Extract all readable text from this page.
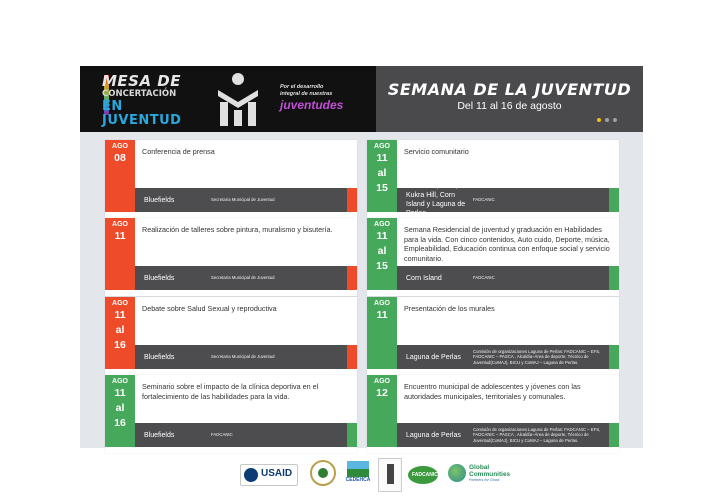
MESA DE
CONCERTACIÓN
EN JUVENTUD
Por el desarrollo
integral de nuestras
juventudes
SEMANA DE LA JUVENTUD
Del 11 al 16 de agosto
AGO
08
Conferencia de prensa
Bluefields	Secretaria Municipal de Juventud
AGO
11
al
15
Servicio comunitario
Bluefields, DRG, Kukra Hill, Corn Island y Laguna de Perlas
FADCANIC
AGO
11
Realización de talleres sobre pintura, muralismo y bisutería.
Bluefields	Secretaria Municipal de Juventud
AGO
11
al
15
Semana Residencial de juventud y graduación en Habilidades para la vida. Con cinco contenidos, Auto cuido, Deporte, música, Empleabilidad, Educación continua con enfoque social y servicio comunitario.
Corn Island	FADCANIC
AGO
11
al
16
Debate sobre Salud Sexual y reproductiva
Bluefields	Secretaria Municipal de Juventud
AGO
11
Presentación de los murales
Laguna de Perlas
Comisión de organizaciones Laguna de Perlas: FADCANIC – EFS, FADCANIC – PASCA , Alcaldía–Área de deporte, Técnico de Juventud(CoMAJ), BICU y CoMAJ – Laguna de Perlas.
AGO
11
al
16
Seminario sobre el impacto de la clínica deportiva en el fortalecimiento de las habilidades para la vida.
Bluefields	FADCANIC
AGO
12
Encuentro municipal de adolescentes y jóvenes con las autoridades municipales, territoriales y comunales.
Laguna de Perlas
Comisión de organizaciones Laguna de Perlas: FADCANIC – EFS, FADCANIC – PASCA , Alcaldía–Área de deporte, Técnico de Juventud(CoMAJ), BICU y CoMAJ – Laguna de Perlas.
USAID
CEDEHCA
FADCANIC
Global
Communities
Partners for Good
